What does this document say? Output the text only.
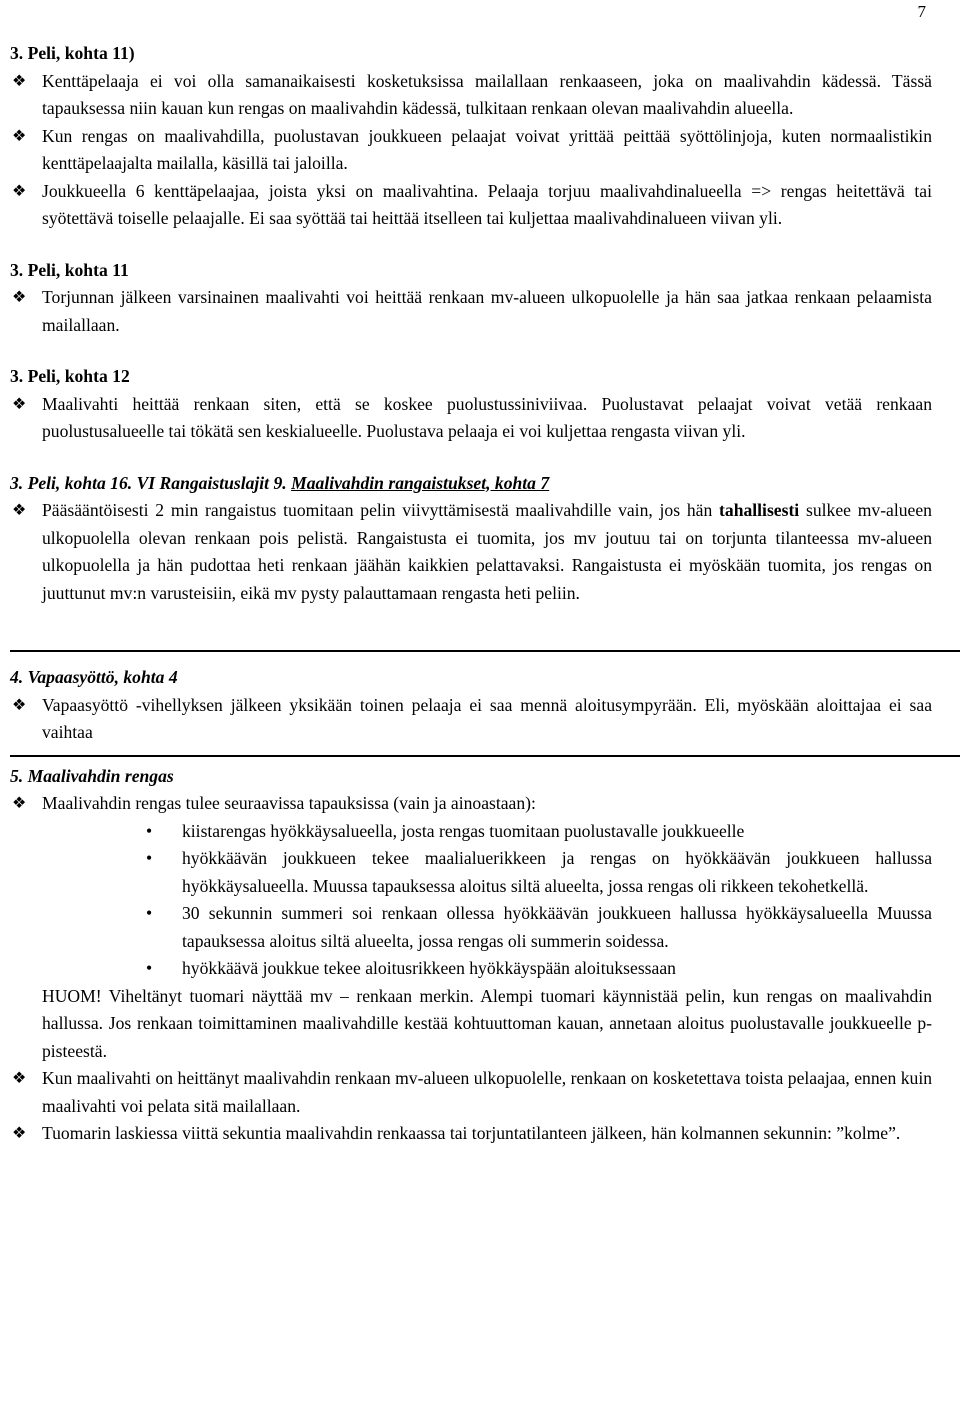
7

3. Peli, kohta 11)

❖ Kenttäpelaaja ei voi olla samanaikaisesti kosketuksissa mailallaan renkaaseen, joka on maalivahdin kädessä. Tässä tapauksessa niin kauan kun rengas on maalivahdin kädessä, tulkitaan renkaan olevan maalivahdin alueella.
❖ Kun rengas on maalivahdilla, puolustavan joukkueen pelaajat voivat yrittää peittää syöttölinjoja, kuten normaalistikin kenttäpelaajalta mailalla, käsillä tai jaloilla.
❖ Joukkueella 6 kenttäpelaajaa, joista yksi on maalivahtina. Pelaaja torjuu maalivahdinalueella => rengas heitettävä tai syötettävä toiselle pelaajalle. Ei saa syöttää tai heittää itselleen tai kuljettaa maalivahdinalueen viivan yli.

3. Peli, kohta 11

❖ Torjunnan jälkeen varsinainen maalivahti voi heittää renkaan mv-alueen ulkopuolelle ja hän saa jatkaa renkaan pelaamista mailallaan.

3. Peli, kohta 12

❖ Maalivahti heittää renkaan siten, että se koskee puolustussiniviivaa. Puolustavat pelaajat voivat vetää renkaan puolustusalueelle tai tökätä sen keskialueelle. Puolustava pelaaja ei voi kuljettaa rengasta viivan yli.

3. Peli, kohta 16. VI Rangaistuslajit 9. Maalivahdin rangaistukset, kohta 7

❖ Pääsääntöisesti 2 min rangaistus tuomitaan pelin viivyttämisestä maalivahdille vain, jos hän tahallisesti sulkee mv-alueen ulkopuolella olevan renkaan pois pelistä. Rangaistusta ei tuomita, jos mv joutuu tai on torjunta tilanteessa mv-alueen ulkopuolella ja hän pudottaa heti renkaan jäähän kaikkien pelattavaksi. Rangaistusta ei myöskään tuomita, jos rengas on juuttunut mv:n varusteisiin, eikä mv pysty palauttamaan rengasta heti peliin.

4. Vapaasyöttö, kohta 4

❖ Vapaasyöttö -vihellyksen jälkeen yksikään toinen pelaaja ei saa mennä aloitusympyrään. Eli, myöskään aloittajaa ei saa vaihtaa

5. Maalivahdin rengas

❖ Maalivahdin rengas tulee seuraavissa tapauksissa (vain ja ainoastaan):
• kiistarengas hyökkäysalueella, josta rengas tuomitaan puolustavalle joukkueelle
• hyökkäävän joukkueen tekee maalialuerikkeen ja rengas on hyökkäävän joukkueen hallussa hyökkäysalueella. Muussa tapauksessa aloitus siltä alueelta, jossa rengas oli rikkeen tekohetkellä.
• 30 sekunnin summeri soi renkaan ollessa hyökkäävän joukkueen hallussa hyökkäysalueella Muussa tapauksessa aloitus siltä alueelta, jossa rengas oli summerin soidessa.
• hyökkäävä joukkue tekee aloitusrikkeen hyökkäyspään aloituksessaan
HUOM! Viheltänyt tuomari näyttää mv – renkaan merkin. Alempi tuomari käynnistää pelin, kun rengas on maalivahdin hallussa. Jos renkaan toimittaminen maalivahdille kestää kohtuuttoman kauan, annetaan aloitus puolustavalle joukkueelle p-pisteestä.
❖ Kun maalivahti on heittänyt maalivahdin renkaan mv-alueen ulkopuolelle, renkaan on kosketettava toista pelaajaa, ennen kuin maalivahti voi pelata sitä mailallaan.
❖ Tuomarin laskiessa viittä sekuntia maalivahdin renkaassa tai torjuntatilanteen jälkeen, hän kolmannen sekunnin: ”kolme”.
